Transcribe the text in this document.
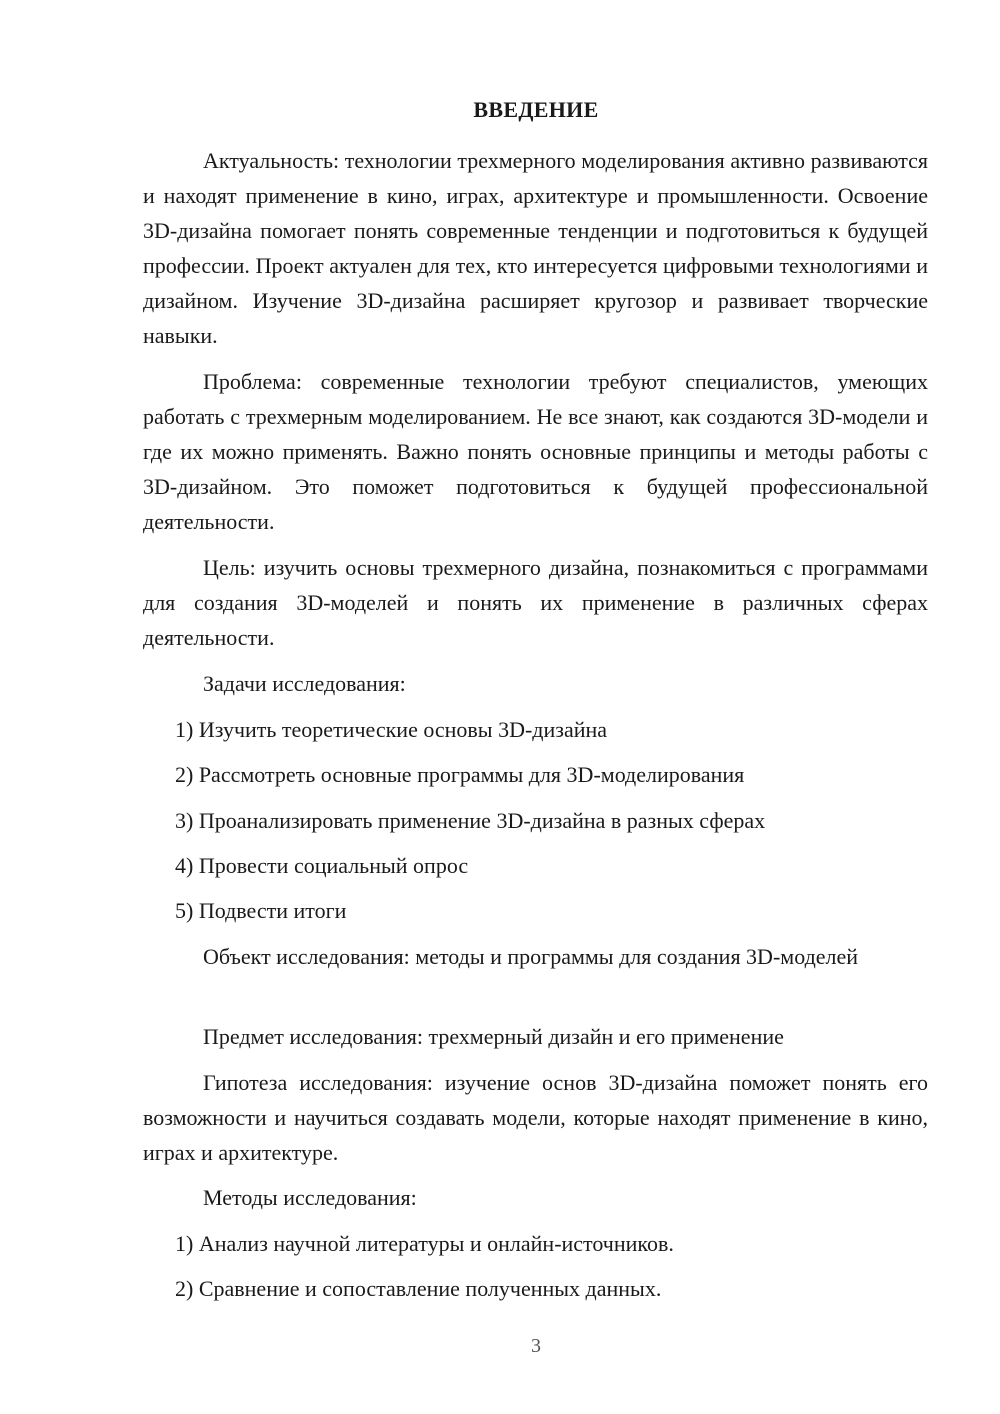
ВВЕДЕНИЕ

Актуальность: технологии трехмерного моделирования активно развиваются и находят применение в кино, играх, архитектуре и промышленности. Освоение 3D-дизайна помогает понять современные тенденции и подготовиться к будущей профессии. Проект актуален для тех, кто интересуется цифровыми технологиями и дизайном. Изучение 3D-дизайна расширяет кругозор и развивает творческие навыки.

Проблема: современные технологии требуют специалистов, умеющих работать с трехмерным моделированием. Не все знают, как создаются 3D-модели и где их можно применять. Важно понять основные принципы и методы работы с 3D-дизайном. Это поможет подготовиться к будущей профессиональной деятельности.

Цель: изучить основы трехмерного дизайна, познакомиться с программами для создания 3D-моделей и понять их применение в различных сферах деятельности.

Задачи исследования:

1) Изучить теоретические основы 3D-дизайна

2) Рассмотреть основные программы для 3D-моделирования

3) Проанализировать применение 3D-дизайна в разных сферах

4) Провести социальный опрос

5) Подвести итоги

Объект исследования: методы и программы для создания 3D-моделей

Предмет исследования: трехмерный дизайн и его применение

Гипотеза исследования: изучение основ 3D-дизайна поможет понять его возможности и научиться создавать модели, которые находят применение в кино, играх и архитектуре.

Методы исследования:

1) Анализ научной литературы и онлайн-источников.

2) Сравнение и сопоставление полученных данных.

3
